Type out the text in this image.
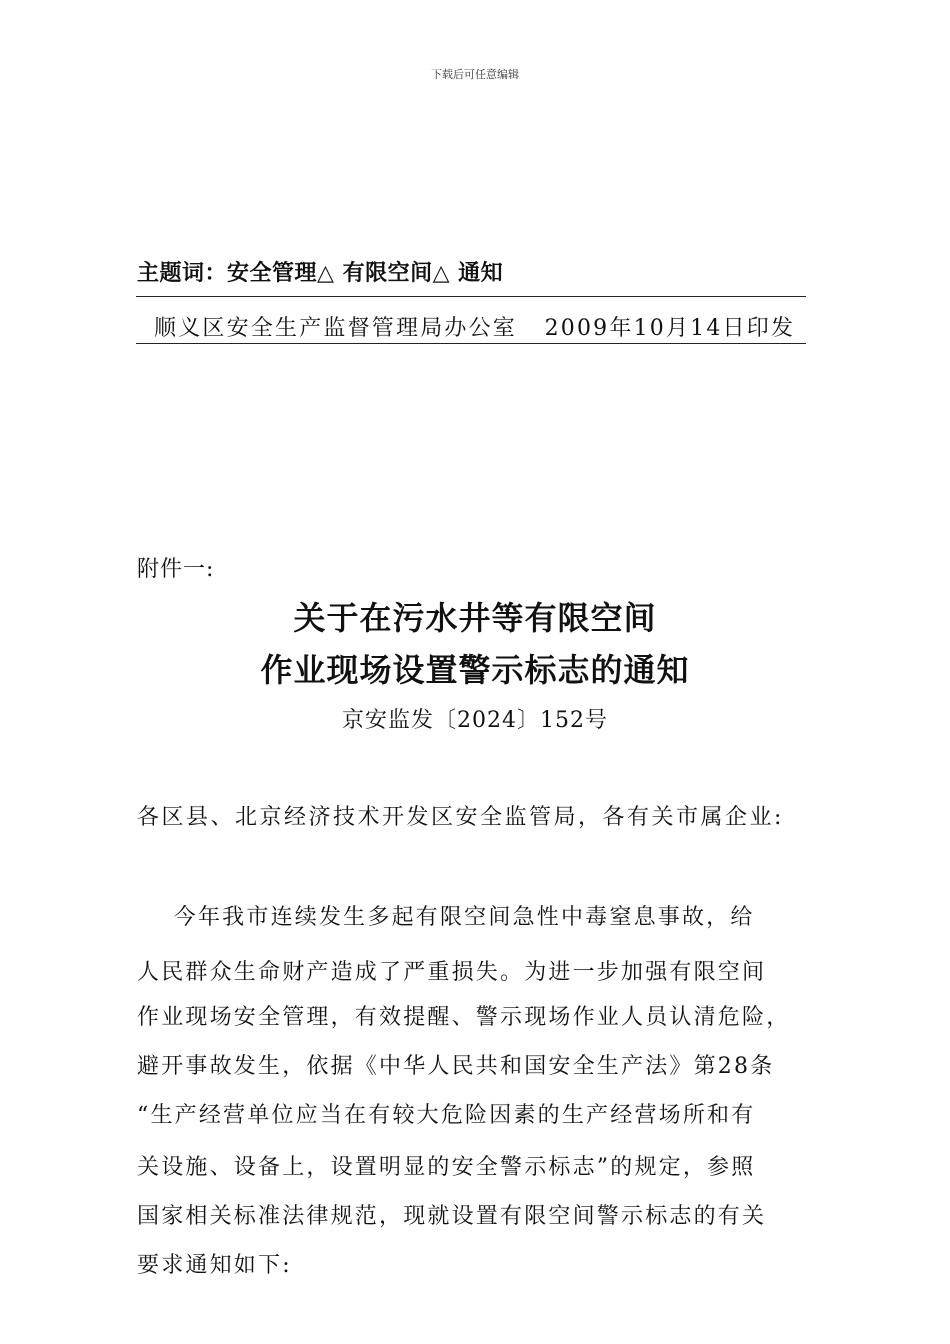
下载后可任意编辑
主题词：安全管理△ 有限空间△ 通知
顺义区安全生产监督管理局办公室   2009年10月14日印发
附件一:
关于在污水井等有限空间
作业现场设置警示标志的通知
京安监发〔2024〕152号
各区县、北京经济技术开发区安全监管局，各有关市属企业:
今年我市连续发生多起有限空间急性中毒窒息事故，给
人民群众生命财产造成了严重损失。为进一步加强有限空间
作业现场安全管理，有效提醒、警示现场作业人员认清危险，
避开事故发生，依据《中华人民共和国安全生产法》第28条
“生产经营单位应当在有较大危险因素的生产经营场所和有
关设施、设备上，设置明显的安全警示标志”的规定，参照
国家相关标准法律规范，现就设置有限空间警示标志的有关
要求通知如下:
